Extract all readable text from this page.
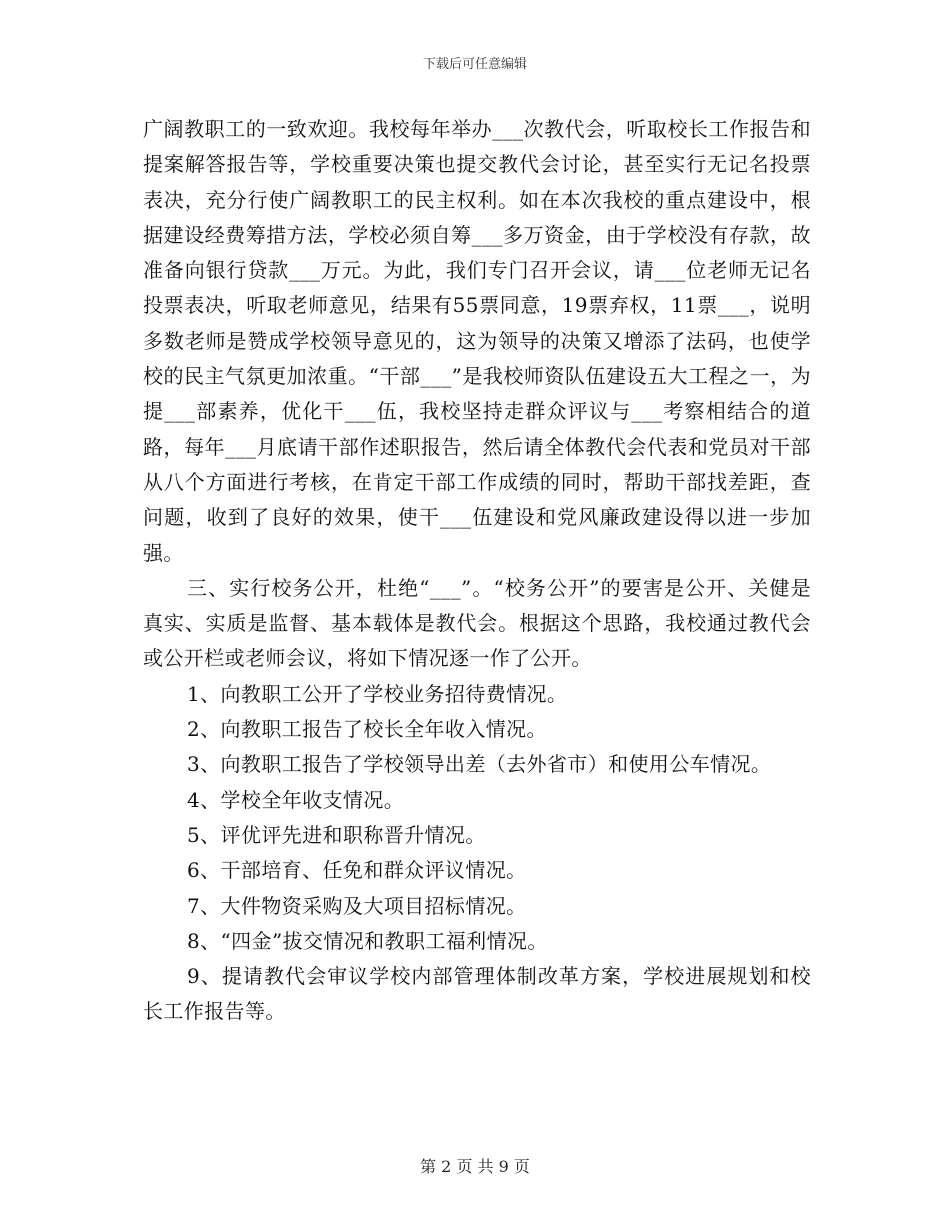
下载后可任意编辑

广阔教职工的一致欢迎。我校每年举办___次教代会，听取校长工作报告和提案解答报告等，学校重要决策也提交教代会讨论，甚至实行无记名投票表决，充分行使广阔教职工的民主权利。如在本次我校的重点建设中，根据建设经费筹措方法，学校必须自筹___多万资金，由于学校没有存款，故准备向银行贷款___万元。为此，我们专门召开会议，请___位老师无记名投票表决，听取老师意见，结果有55票同意，19票弃权，11票___，说明多数老师是赞成学校领导意见的，这为领导的决策又增添了法码，也使学校的民主气氛更加浓重。“干部___”是我校师资队伍建设五大工程之一，为提___部素养，优化干___伍，我校坚持走群众评议与___考察相结合的道路，每年___月底请干部作述职报告，然后请全体教代会代表和党员对干部从八个方面进行考核，在肯定干部工作成绩的同时，帮助干部找差距，查问题，收到了良好的效果，使干___伍建设和党风廉政建设得以进一步加强。

三、实行校务公开，杜绝“___”。“校务公开”的要害是公开、关健是真实、实质是监督、基本载体是教代会。根据这个思路，我校通过教代会或公开栏或老师会议，将如下情况逐一作了公开。

1、向教职工公开了学校业务招待费情况。

2、向教职工报告了校长全年收入情况。

3、向教职工报告了学校领导出差（去外省市）和使用公车情况。

4、学校全年收支情况。

5、评优评先进和职称晋升情况。

6、干部培育、任免和群众评议情况。

7、大件物资采购及大项目招标情况。

8、“四金”拔交情况和教职工福利情况。

9、提请教代会审议学校内部管理体制改革方案，学校进展规划和校长工作报告等。

第 2 页 共 9 页
